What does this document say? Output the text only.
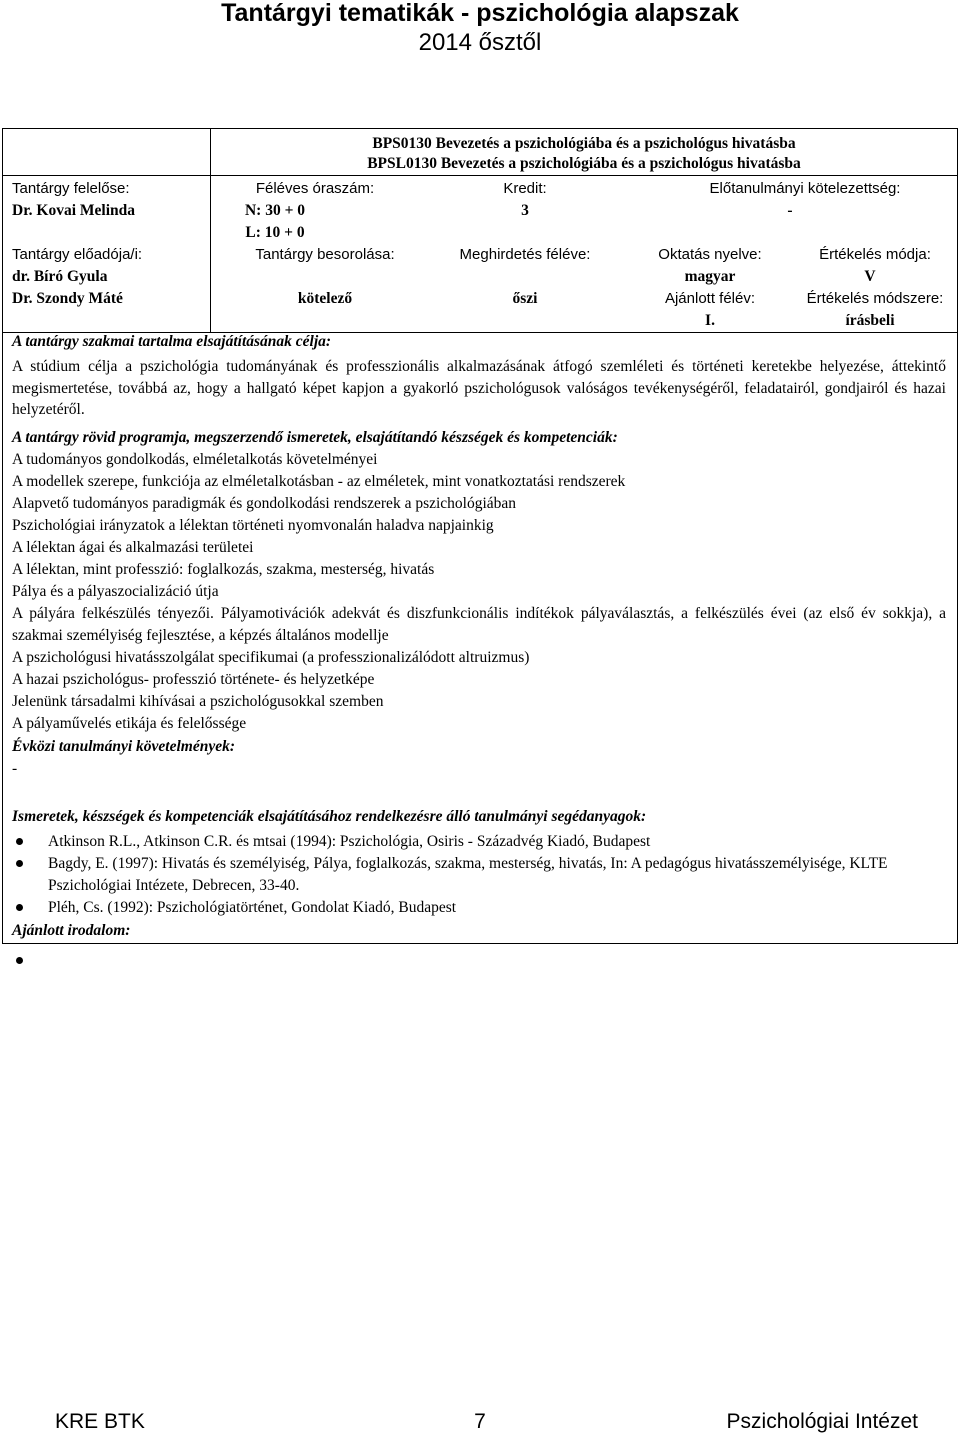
Tantárgyi tematikák - pszichológia alapszak
2014 ősztől
BPS0130 Bevezetés a pszichológiába és a pszichológus hivatásba
BPSL0130 Bevezetés a pszichológiába és a pszichológus hivatásba
Tantárgy felelőse:
Dr. Kovai Melinda
Tantárgy előadója/i:
dr. Bíró Gyula
Dr. Szondy Máté
Féléves óraszám:
N: 30 + 0
L: 10 + 0
Kredit:
3
Előtanulmányi kötelezettség:
-
Tantárgy besorolása:
kötelező
Meghirdetés féléve:
őszi
Oktatás nyelve:
magyar
Ajánlott félév:
I.
Értékelés módja:
V
Értékelés módszere:
írásbeli
A tantárgy szakmai tartalma elsajátításának célja:
A stúdium célja a pszichológia tudományának és professzionális alkalmazásának átfogó szemléleti és történeti keretekbe helyezése, áttekintő megismertetése, továbbá az, hogy a hallgató képet kapjon a gyakorló pszichológusok valóságos tevékenységéről, feladatairól, gondjairól és hazai helyzetéről.
A tantárgy rövid programja, megszerzendő ismeretek, elsajátítandó készségek és kompetenciák:
A tudományos gondolkodás, elméletalkotás követelményei
A modellek szerepe, funkciója az elméletalkotásban - az elméletek, mint vonatkoztatási rendszerek
Alapvető tudományos paradigmák és gondolkodási rendszerek a pszichológiában
Pszichológiai irányzatok a lélektan történeti nyomvonalán haladva napjainkig
A lélektan ágai és alkalmazási területei
A lélektan, mint professzió: foglalkozás, szakma, mesterség, hivatás
Pálya és a pályaszocializáció útja
A pályára felkészülés tényezői. Pályamotivációk adekvát és diszfunkcionális indítékok pályaválasztás, a felkészülés évei (az első év sokkja), a szakmai személyiség fejlesztése, a képzés általános modellje
A pszichológusi hivatásszolgálat specifikumai (a professzionalizálódott altruizmus)
A hazai pszichológus- professzió története- és helyzetképe
Jelenünk társadalmi kihívásai a pszichológusokkal szemben
A pályaművelés etikája és felelőssége
Évközi tanulmányi követelmények:
-
Ismeretek, készségek és kompetenciák elsajátításához rendelkezésre álló tanulmányi segédanyagok:
Atkinson R.L., Atkinson C.R. és mtsai (1994): Pszichológia, Osiris - Századvég Kiadó, Budapest
Bagdy, E. (1997): Hivatás és személyiség, Pálya, foglalkozás, szakma, mesterség, hivatás, In: A pedagógus hivatásszemélyisége, KLTE Pszichológiai Intézete, Debrecen, 33-40.
Pléh, Cs. (1992): Pszichológiatörténet, Gondolat Kiadó, Budapest
Ajánlott irodalom:
KRE BTK	7	Pszichológiai Intézet
